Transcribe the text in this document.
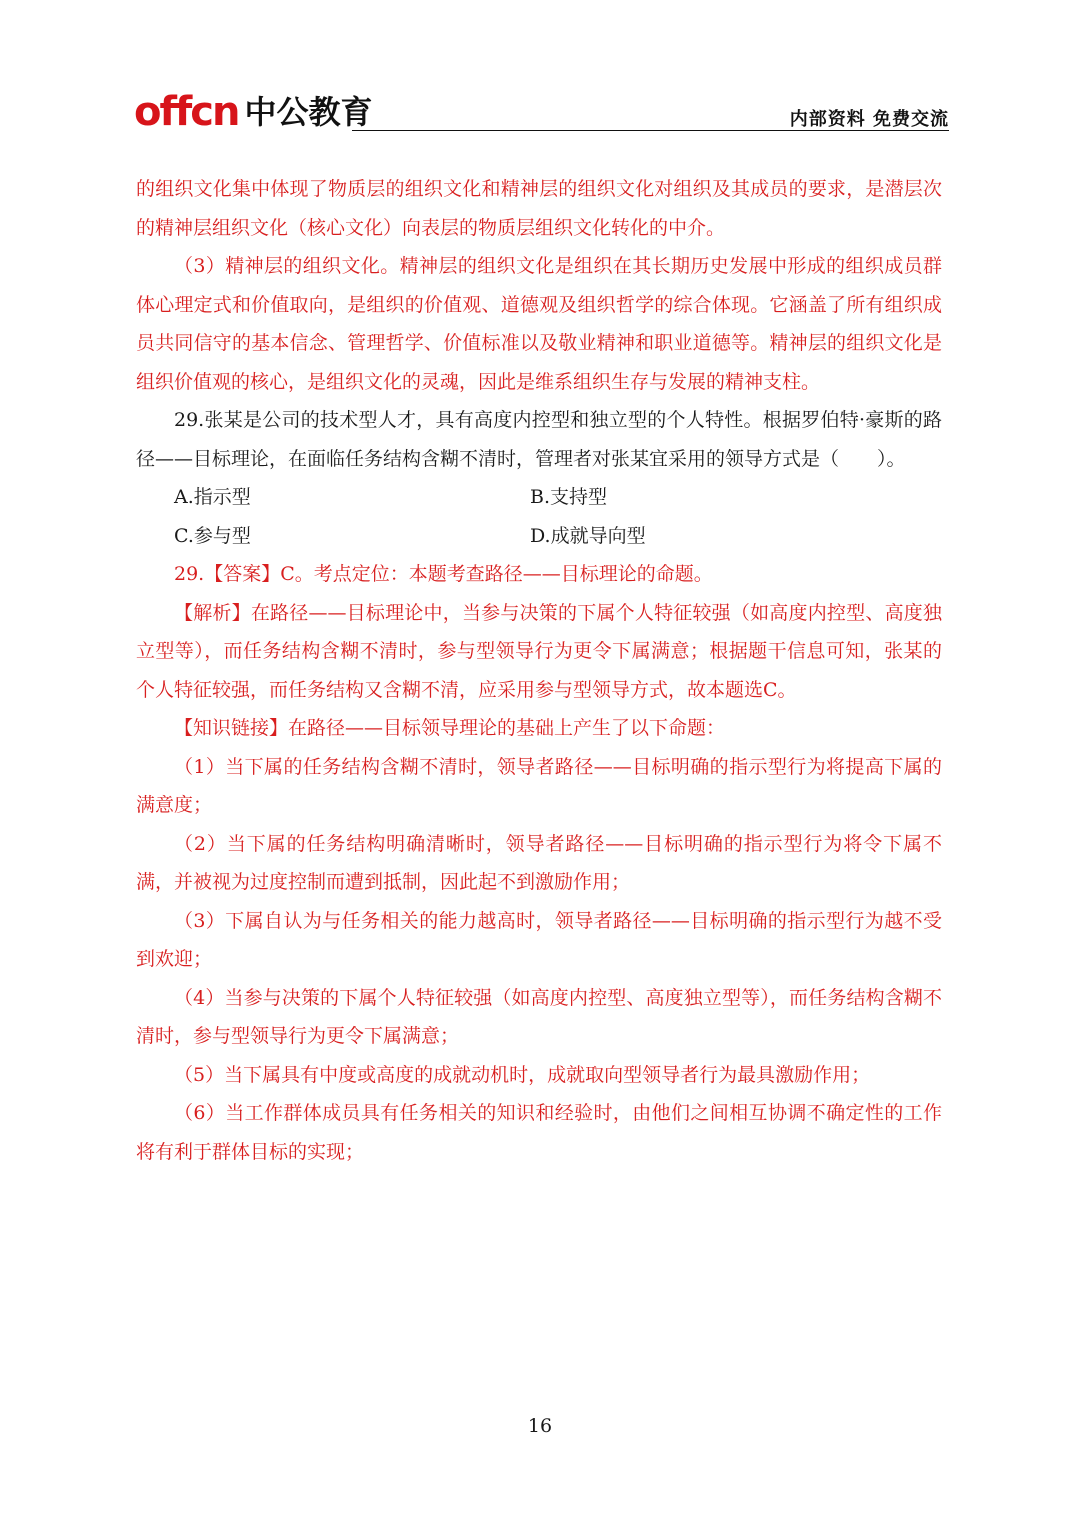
offcn 中公教育	内部资料 免费交流

的组织文化集中体现了物质层的组织文化和精神层的组织文化对组织及其成员的要求，是潜层次的精神层组织文化（核心文化）向表层的物质层组织文化转化的中介。

（3）精神层的组织文化。精神层的组织文化是组织在其长期历史发展中形成的组织成员群体心理定式和价值取向，是组织的价值观、道德观及组织哲学的综合体现。它涵盖了所有组织成员共同信守的基本信念、管理哲学、价值标准以及敬业精神和职业道德等。精神层的组织文化是组织价值观的核心，是组织文化的灵魂，因此是维系组织生存与发展的精神支柱。

29.张某是公司的技术型人才，具有高度内控型和独立型的个人特性。根据罗伯特·豪斯的路径——目标理论，在面临任务结构含糊不清时，管理者对张某宜采用的领导方式是（　　）。

A.指示型	B.支持型
C.参与型	D.成就导向型

29.【答案】C。考点定位：本题考查路径——目标理论的命题。

【解析】在路径——目标理论中，当参与决策的下属个人特征较强（如高度内控型、高度独立型等），而任务结构含糊不清时，参与型领导行为更令下属满意；根据题干信息可知，张某的个人特征较强，而任务结构又含糊不清，应采用参与型领导方式，故本题选C。

【知识链接】在路径——目标领导理论的基础上产生了以下命题：

（1）当下属的任务结构含糊不清时，领导者路径——目标明确的指示型行为将提高下属的满意度；

（2）当下属的任务结构明确清晰时，领导者路径——目标明确的指示型行为将令下属不满，并被视为过度控制而遭到抵制，因此起不到激励作用；

（3）下属自认为与任务相关的能力越高时，领导者路径——目标明确的指示型行为越不受到欢迎；

（4）当参与决策的下属个人特征较强（如高度内控型、高度独立型等），而任务结构含糊不清时，参与型领导行为更令下属满意；

（5）当下属具有中度或高度的成就动机时，成就取向型领导者行为最具激励作用；

（6）当工作群体成员具有任务相关的知识和经验时，由他们之间相互协调不确定性的工作将有利于群体目标的实现；

16
